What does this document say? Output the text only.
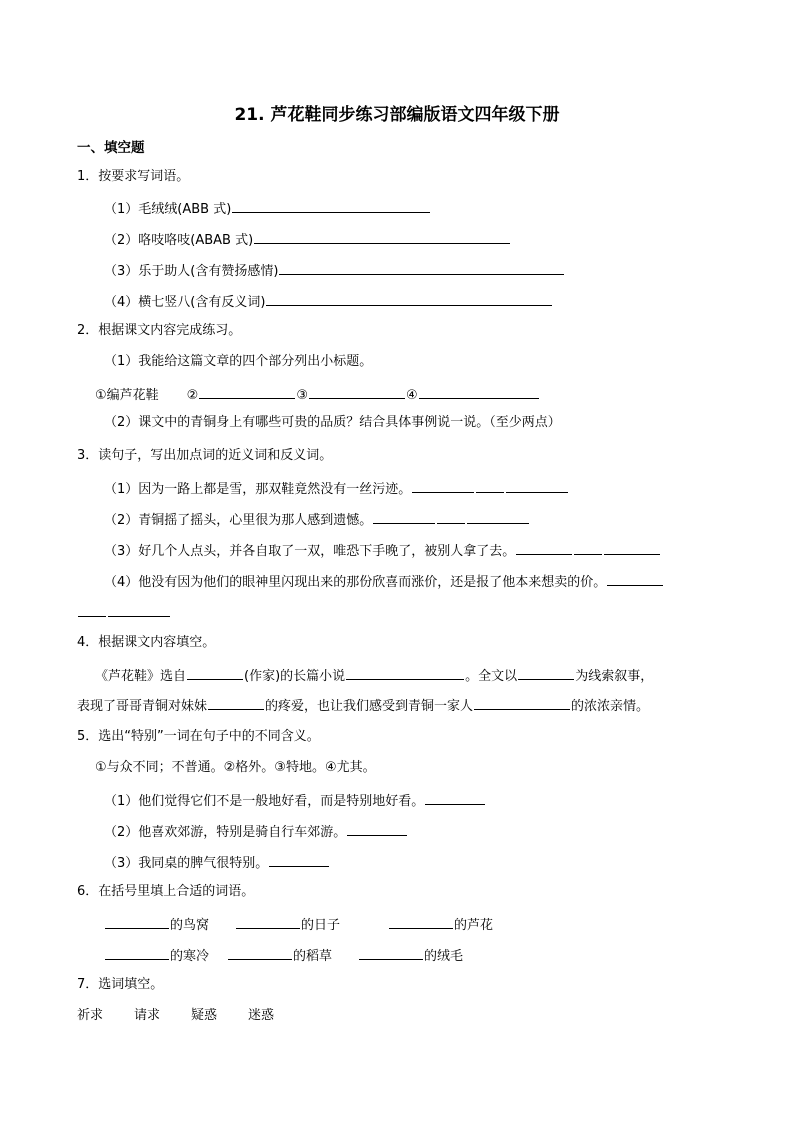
21. 芦花鞋同步练习部编版语文四年级下册
一、填空题
1．按要求写词语。
（1）毛绒绒(ABB 式)
（2）咯吱咯吱(ABAB 式)
（3）乐于助人(含有赞扬感情)
（4）横七竖八(含有反义词)
2．根据课文内容完成练习。
（1）我能给这篇文章的四个部分列出小标题。
①编芦花鞋 ②	③	④
（2）课文中的青铜身上有哪些可贵的品质？结合具体事例说一说。（至少两点）
3．读句子，写出加点词的近义词和反义词。
（1）因为一路上都是雪，那双鞋竟然没有一丝污迹。
（2）青铜摇了摇头，心里很为那人感到遗憾。
（3）好几个人点头，并各自取了一双，唯恐下手晚了，被别人拿了去。
（4）他没有因为他们的眼神里闪现出来的那份欣喜而涨价，还是报了他本来想卖的价。
4．根据课文内容填空。
《芦花鞋》选自	(作家)的长篇小说	。全文以	为线索叙事，
表现了哥哥青铜对妹妹	的疼爱，也让我们感受到青铜一家人	的浓浓亲情。
5．选出“特别”一词在句子中的不同含义。
①与众不同；不普通。②格外。③特地。④尤其。
（1）他们觉得它们不是一般地好看，而是特别地好看。
（2）他喜欢郊游，特别是骑自行车郊游。
（3）我同桌的脾气很特别。
6．在括号里填上合适的词语。
的鸟窝	的日子	的芦花
的寒冷	的稻草	的绒毛
7．选词填空。
祈求 请求 疑惑 迷惑
